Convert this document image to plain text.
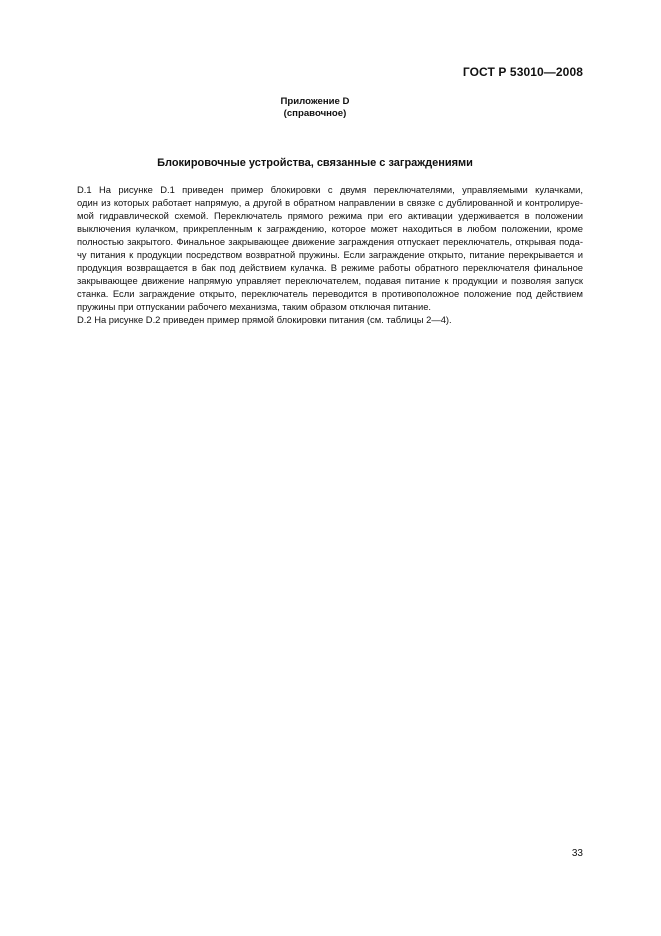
ГОСТ Р 53010—2008
Приложение D
(справочное)
Блокировочные устройства, связанные с заграждениями

D.1 На рисунке D.1 приведен пример блокировки с двумя переключателями, управляемыми кулачками,
один из которых работает напрямую, а другой в обратном направлении в связке с дублированной и контролируе-
мой гидравлической схемой. Переключатель прямого режима при его активации удерживается в положении
выключения кулачком, прикрепленным к заграждению, которое может находиться в любом положении, кроме
полностью закрытого. Финальное закрывающее движение заграждения отпускает переключатель, открывая пода-
чу питания к продукции посредством возвратной пружины. Если заграждение открыто, питание перекрывается и
продукция возвращается в бак под действием кулачка. В режиме работы обратного переключателя финальное
закрывающее движение напрямую управляет переключателем, подавая питание к продукции и позволяя запуск
станка. Если заграждение открыто, переключатель переводится в противоположное положение под действием
пружины при отпускании рабочего механизма, таким образом отключая питание.

D.2 На рисунке D.2 приведен пример прямой блокировки питания (см. таблицы 2—4).

33
